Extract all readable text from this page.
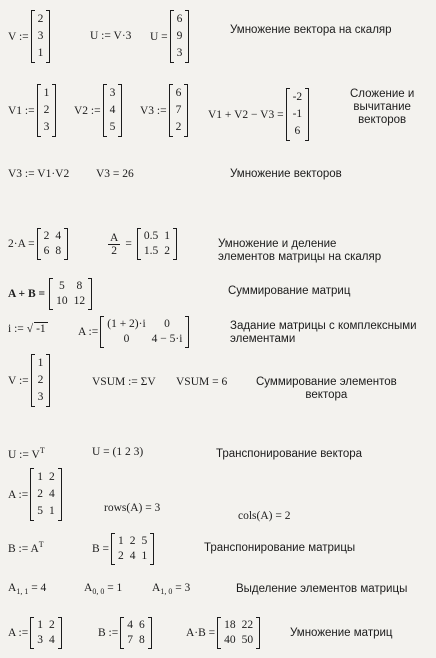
V :=
2
3
1
U := V·3 U =
6
9
3
Умножение вектора на скаляр
V1 :=
1
2
3
V2 :=
3
4
5
V3 :=
6
7
2
V1 + V2 − V3 =
-2
-1
6
Сложение и
вычитание
векторов
V3 := V1·V2 V3 = 26	Умножение векторов
2·A =
2 4
6 8	$\frac{A}{2}$ =
0.5 1
1.5 2
Умножение и деление
элементов матрицы на скаляр
A + B =
5	8
10 12
Суммирование матриц
i := √ -1	A :=
(1 + 2)·i	0
0	4 − 5·i
Задание матрицы с комплексными
элементами
V :=
1
2
3
VSUM := ΣV VSUM = 6	Суммирование элементов
вектора
U := $V^T$	U = (1 2 3)	Транспонирование вектора
A :=
1 2
2 4
5 1	rows(A) = 3
cols(A) = 2
B := $A^T$	B =
1 2 5
2 4 1
Транспонирование матрицы
$A_{1, 1} = 4$	$A_{0, 0} = 1$	$A_{1, 0} = 3$	Выделение элементов матрицы
A :=
1 2
3 4
B :=
4 6
7 8
A·B =
18 22
40 50
Умножение матриц
